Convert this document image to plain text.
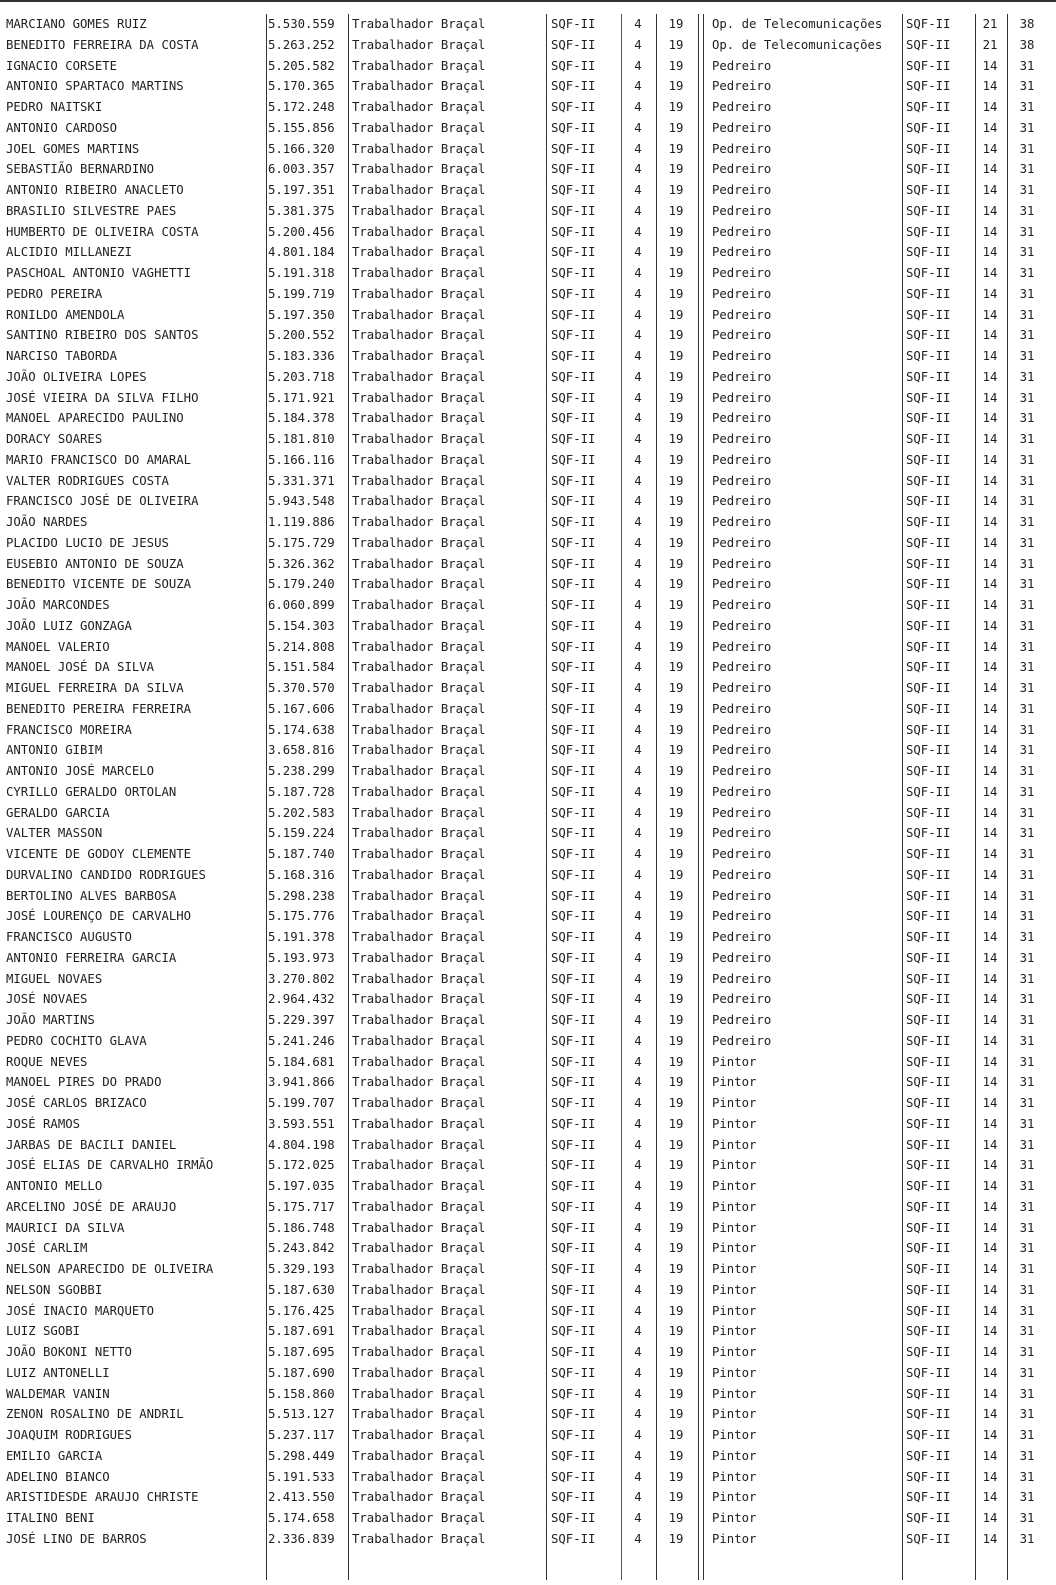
MARCIANO GOMES RUIZ	5.530.559	Trabalhador Braçal	SQF-II	4	19	Op. de Telecomunicações	SQF-II	21	38
BENEDITO FERREIRA DA COSTA	5.263.252	Trabalhador Braçal	SQF-II	4	19	Op. de Telecomunicações	SQF-II	21	38
IGNACIO CORSETE	5.205.582	Trabalhador Braçal	SQF-II	4	19	Pedreiro	SQF-II	14	31
ANTONIO SPARTACO MARTINS	5.170.365	Trabalhador Braçal	SQF-II	4	19	Pedreiro	SQF-II	14	31
PEDRO NAITSKI	5.172.248	Trabalhador Braçal	SQF-II	4	19	Pedreiro	SQF-II	14	31
ANTONIO CARDOSO	5.155.856	Trabalhador Braçal	SQF-II	4	19	Pedreiro	SQF-II	14	31
JOEL GOMES MARTINS	5.166.320	Trabalhador Braçal	SQF-II	4	19	Pedreiro	SQF-II	14	31
SEBASTIÃO BERNARDINO	6.003.357	Trabalhador Braçal	SQF-II	4	19	Pedreiro	SQF-II	14	31
ANTONIO RIBEIRO ANACLETO	5.197.351	Trabalhador Braçal	SQF-II	4	19	Pedreiro	SQF-II	14	31
BRASILIO SILVESTRE PAES	5.381.375	Trabalhador Braçal	SQF-II	4	19	Pedreiro	SQF-II	14	31
HUMBERTO DE OLIVEIRA COSTA	5.200.456	Trabalhador Braçal	SQF-II	4	19	Pedreiro	SQF-II	14	31
ALCIDIO MILLANEZI	4.801.184	Trabalhador Braçal	SQF-II	4	19	Pedreiro	SQF-II	14	31
PASCHOAL ANTONIO VAGHETTI	5.191.318	Trabalhador Braçal	SQF-II	4	19	Pedreiro	SQF-II	14	31
PEDRO PEREIRA	5.199.719	Trabalhador Braçal	SQF-II	4	19	Pedreiro	SQF-II	14	31
RONILDO AMENDOLA	5.197.350	Trabalhador Braçal	SQF-II	4	19	Pedreiro	SQF-II	14	31
SANTINO RIBEIRO DOS SANTOS	5.200.552	Trabalhador Braçal	SQF-II	4	19	Pedreiro	SQF-II	14	31
NARCISO TABORDA	5.183.336	Trabalhador Braçal	SQF-II	4	19	Pedreiro	SQF-II	14	31
JOÃO OLIVEIRA LOPES	5.203.718	Trabalhador Braçal	SQF-II	4	19	Pedreiro	SQF-II	14	31
JOSÉ VIEIRA DA SILVA FILHO	5.171.921	Trabalhador Braçal	SQF-II	4	19	Pedreiro	SQF-II	14	31
MANOEL APARECIDO PAULINO	5.184.378	Trabalhador Braçal	SQF-II	4	19	Pedreiro	SQF-II	14	31
DORACY SOARES	5.181.810	Trabalhador Braçal	SQF-II	4	19	Pedreiro	SQF-II	14	31
MARIO FRANCISCO DO AMARAL	5.166.116	Trabalhador Braçal	SQF-II	4	19	Pedreiro	SQF-II	14	31
VALTER RODRIGUES COSTA	5.331.371	Trabalhador Braçal	SQF-II	4	19	Pedreiro	SQF-II	14	31
FRANCISCO JOSÉ DE OLIVEIRA	5.943.548	Trabalhador Braçal	SQF-II	4	19	Pedreiro	SQF-II	14	31
JOÃO NARDES	1.119.886	Trabalhador Braçal	SQF-II	4	19	Pedreiro	SQF-II	14	31
PLACIDO LUCIO DE JESUS	5.175.729	Trabalhador Braçal	SQF-II	4	19	Pedreiro	SQF-II	14	31
EUSEBIO ANTONIO DE SOUZA	5.326.362	Trabalhador Braçal	SQF-II	4	19	Pedreiro	SQF-II	14	31
BENEDITO VICENTE DE SOUZA	5.179.240	Trabalhador Braçal	SQF-II	4	19	Pedreiro	SQF-II	14	31
JOÃO MARCONDES	6.060.899	Trabalhador Braçal	SQF-II	4	19	Pedreiro	SQF-II	14	31
JOÃO LUIZ GONZAGA	5.154.303	Trabalhador Braçal	SQF-II	4	19	Pedreiro	SQF-II	14	31
MANOEL VALERIO	5.214.808	Trabalhador Braçal	SQF-II	4	19	Pedreiro	SQF-II	14	31
MANOEL JOSÉ DA SILVA	5.151.584	Trabalhador Braçal	SQF-II	4	19	Pedreiro	SQF-II	14	31
MIGUEL FERREIRA DA SILVA	5.370.570	Trabalhador Braçal	SQF-II	4	19	Pedreiro	SQF-II	14	31
BENEDITO PEREIRA FERREIRA	5.167.606	Trabalhador Braçal	SQF-II	4	19	Pedreiro	SQF-II	14	31
FRANCISCO MOREIRA	5.174.638	Trabalhador Braçal	SQF-II	4	19	Pedreiro	SQF-II	14	31
ANTONIO GIBIM	3.658.816	Trabalhador Braçal	SQF-II	4	19	Pedreiro	SQF-II	14	31
ANTONIO JOSÉ MARCELO	5.238.299	Trabalhador Braçal	SQF-II	4	19	Pedreiro	SQF-II	14	31
CYRILLO GERALDO ORTOLAN	5.187.728	Trabalhador Braçal	SQF-II	4	19	Pedreiro	SQF-II	14	31
GERALDO GARCIA	5.202.583	Trabalhador Braçal	SQF-II	4	19	Pedreiro	SQF-II	14	31
VALTER MASSON	5.159.224	Trabalhador Braçal	SQF-II	4	19	Pedreiro	SQF-II	14	31
VICENTE DE GODOY CLEMENTE	5.187.740	Trabalhador Braçal	SQF-II	4	19	Pedreiro	SQF-II	14	31
DURVALINO CANDIDO RODRIGUES	5.168.316	Trabalhador Braçal	SQF-II	4	19	Pedreiro	SQF-II	14	31
BERTOLINO ALVES BARBOSA	5.298.238	Trabalhador Braçal	SQF-II	4	19	Pedreiro	SQF-II	14	31
JOSÉ LOURENÇO DE CARVALHO	5.175.776	Trabalhador Braçal	SQF-II	4	19	Pedreiro	SQF-II	14	31
FRANCISCO AUGUSTO	5.191.378	Trabalhador Braçal	SQF-II	4	19	Pedreiro	SQF-II	14	31
ANTONIO FERREIRA GARCIA	5.193.973	Trabalhador Braçal	SQF-II	4	19	Pedreiro	SQF-II	14	31
MIGUEL NOVAES	3.270.802	Trabalhador Braçal	SQF-II	4	19	Pedreiro	SQF-II	14	31
JOSÉ NOVAES	2.964.432	Trabalhador Braçal	SQF-II	4	19	Pedreiro	SQF-II	14	31
JOÃO MARTINS	5.229.397	Trabalhador Braçal	SQF-II	4	19	Pedreiro	SQF-II	14	31
PEDRO COCHITO GLAVA	5.241.246	Trabalhador Braçal	SQF-II	4	19	Pedreiro	SQF-II	14	31
ROQUE NEVES	5.184.681	Trabalhador Braçal	SQF-II	4	19	Pintor	SQF-II	14	31
MANOEL PIRES DO PRADO	3.941.866	Trabalhador Braçal	SQF-II	4	19	Pintor	SQF-II	14	31
JOSÉ CARLOS BRIZACO	5.199.707	Trabalhador Braçal	SQF-II	4	19	Pintor	SQF-II	14	31
JOSÉ RAMOS	3.593.551	Trabalhador Braçal	SQF-II	4	19	Pintor	SQF-II	14	31
JARBAS DE BACILI DANIEL	4.804.198	Trabalhador Braçal	SQF-II	4	19	Pintor	SQF-II	14	31
JOSÉ ELIAS DE CARVALHO IRMÃO	5.172.025	Trabalhador Braçal	SQF-II	4	19	Pintor	SQF-II	14	31
ANTONIO MELLO	5.197.035	Trabalhador Braçal	SQF-II	4	19	Pintor	SQF-II	14	31
ARCELINO JOSÉ DE ARAUJO	5.175.717	Trabalhador Braçal	SQF-II	4	19	Pintor	SQF-II	14	31
MAURICI DA SILVA	5.186.748	Trabalhador Braçal	SQF-II	4	19	Pintor	SQF-II	14	31
JOSÉ CARLIM	5.243.842	Trabalhador Braçal	SQF-II	4	19	Pintor	SQF-II	14	31
NELSON APARECIDO DE OLIVEIRA	5.329.193	Trabalhador Braçal	SQF-II	4	19	Pintor	SQF-II	14	31
NELSON SGOBBI	5.187.630	Trabalhador Braçal	SQF-II	4	19	Pintor	SQF-II	14	31
JOSÉ INACIO MARQUETO	5.176.425	Trabalhador Braçal	SQF-II	4	19	Pintor	SQF-II	14	31
LUIZ SGOBI	5.187.691	Trabalhador Braçal	SQF-II	4	19	Pintor	SQF-II	14	31
JOÃO BOKONI NETTO	5.187.695	Trabalhador Braçal	SQF-II	4	19	Pintor	SQF-II	14	31
LUIZ ANTONELLI	5.187.690	Trabalhador Braçal	SQF-II	4	19	Pintor	SQF-II	14	31
WALDEMAR VANIN	5.158.860	Trabalhador Braçal	SQF-II	4	19	Pintor	SQF-II	14	31
ZENON ROSALINO DE ANDRIL	5.513.127	Trabalhador Braçal	SQF-II	4	19	Pintor	SQF-II	14	31
JOAQUIM RODRIGUES	5.237.117	Trabalhador Braçal	SQF-II	4	19	Pintor	SQF-II	14	31
EMILIO GARCIA	5.298.449	Trabalhador Braçal	SQF-II	4	19	Pintor	SQF-II	14	31
ADELINO BIANCO	5.191.533	Trabalhador Braçal	SQF-II	4	19	Pintor	SQF-II	14	31
ARISTIDESDE ARAUJO CHRISTE	2.413.550	Trabalhador Braçal	SQF-II	4	19	Pintor	SQF-II	14	31
ITALINO BENI	5.174.658	Trabalhador Braçal	SQF-II	4	19	Pintor	SQF-II	14	31
JOSÉ LINO DE BARROS	2.336.839	Trabalhador Braçal	SQF-II	4	19	Pintor	SQF-II	14	31
